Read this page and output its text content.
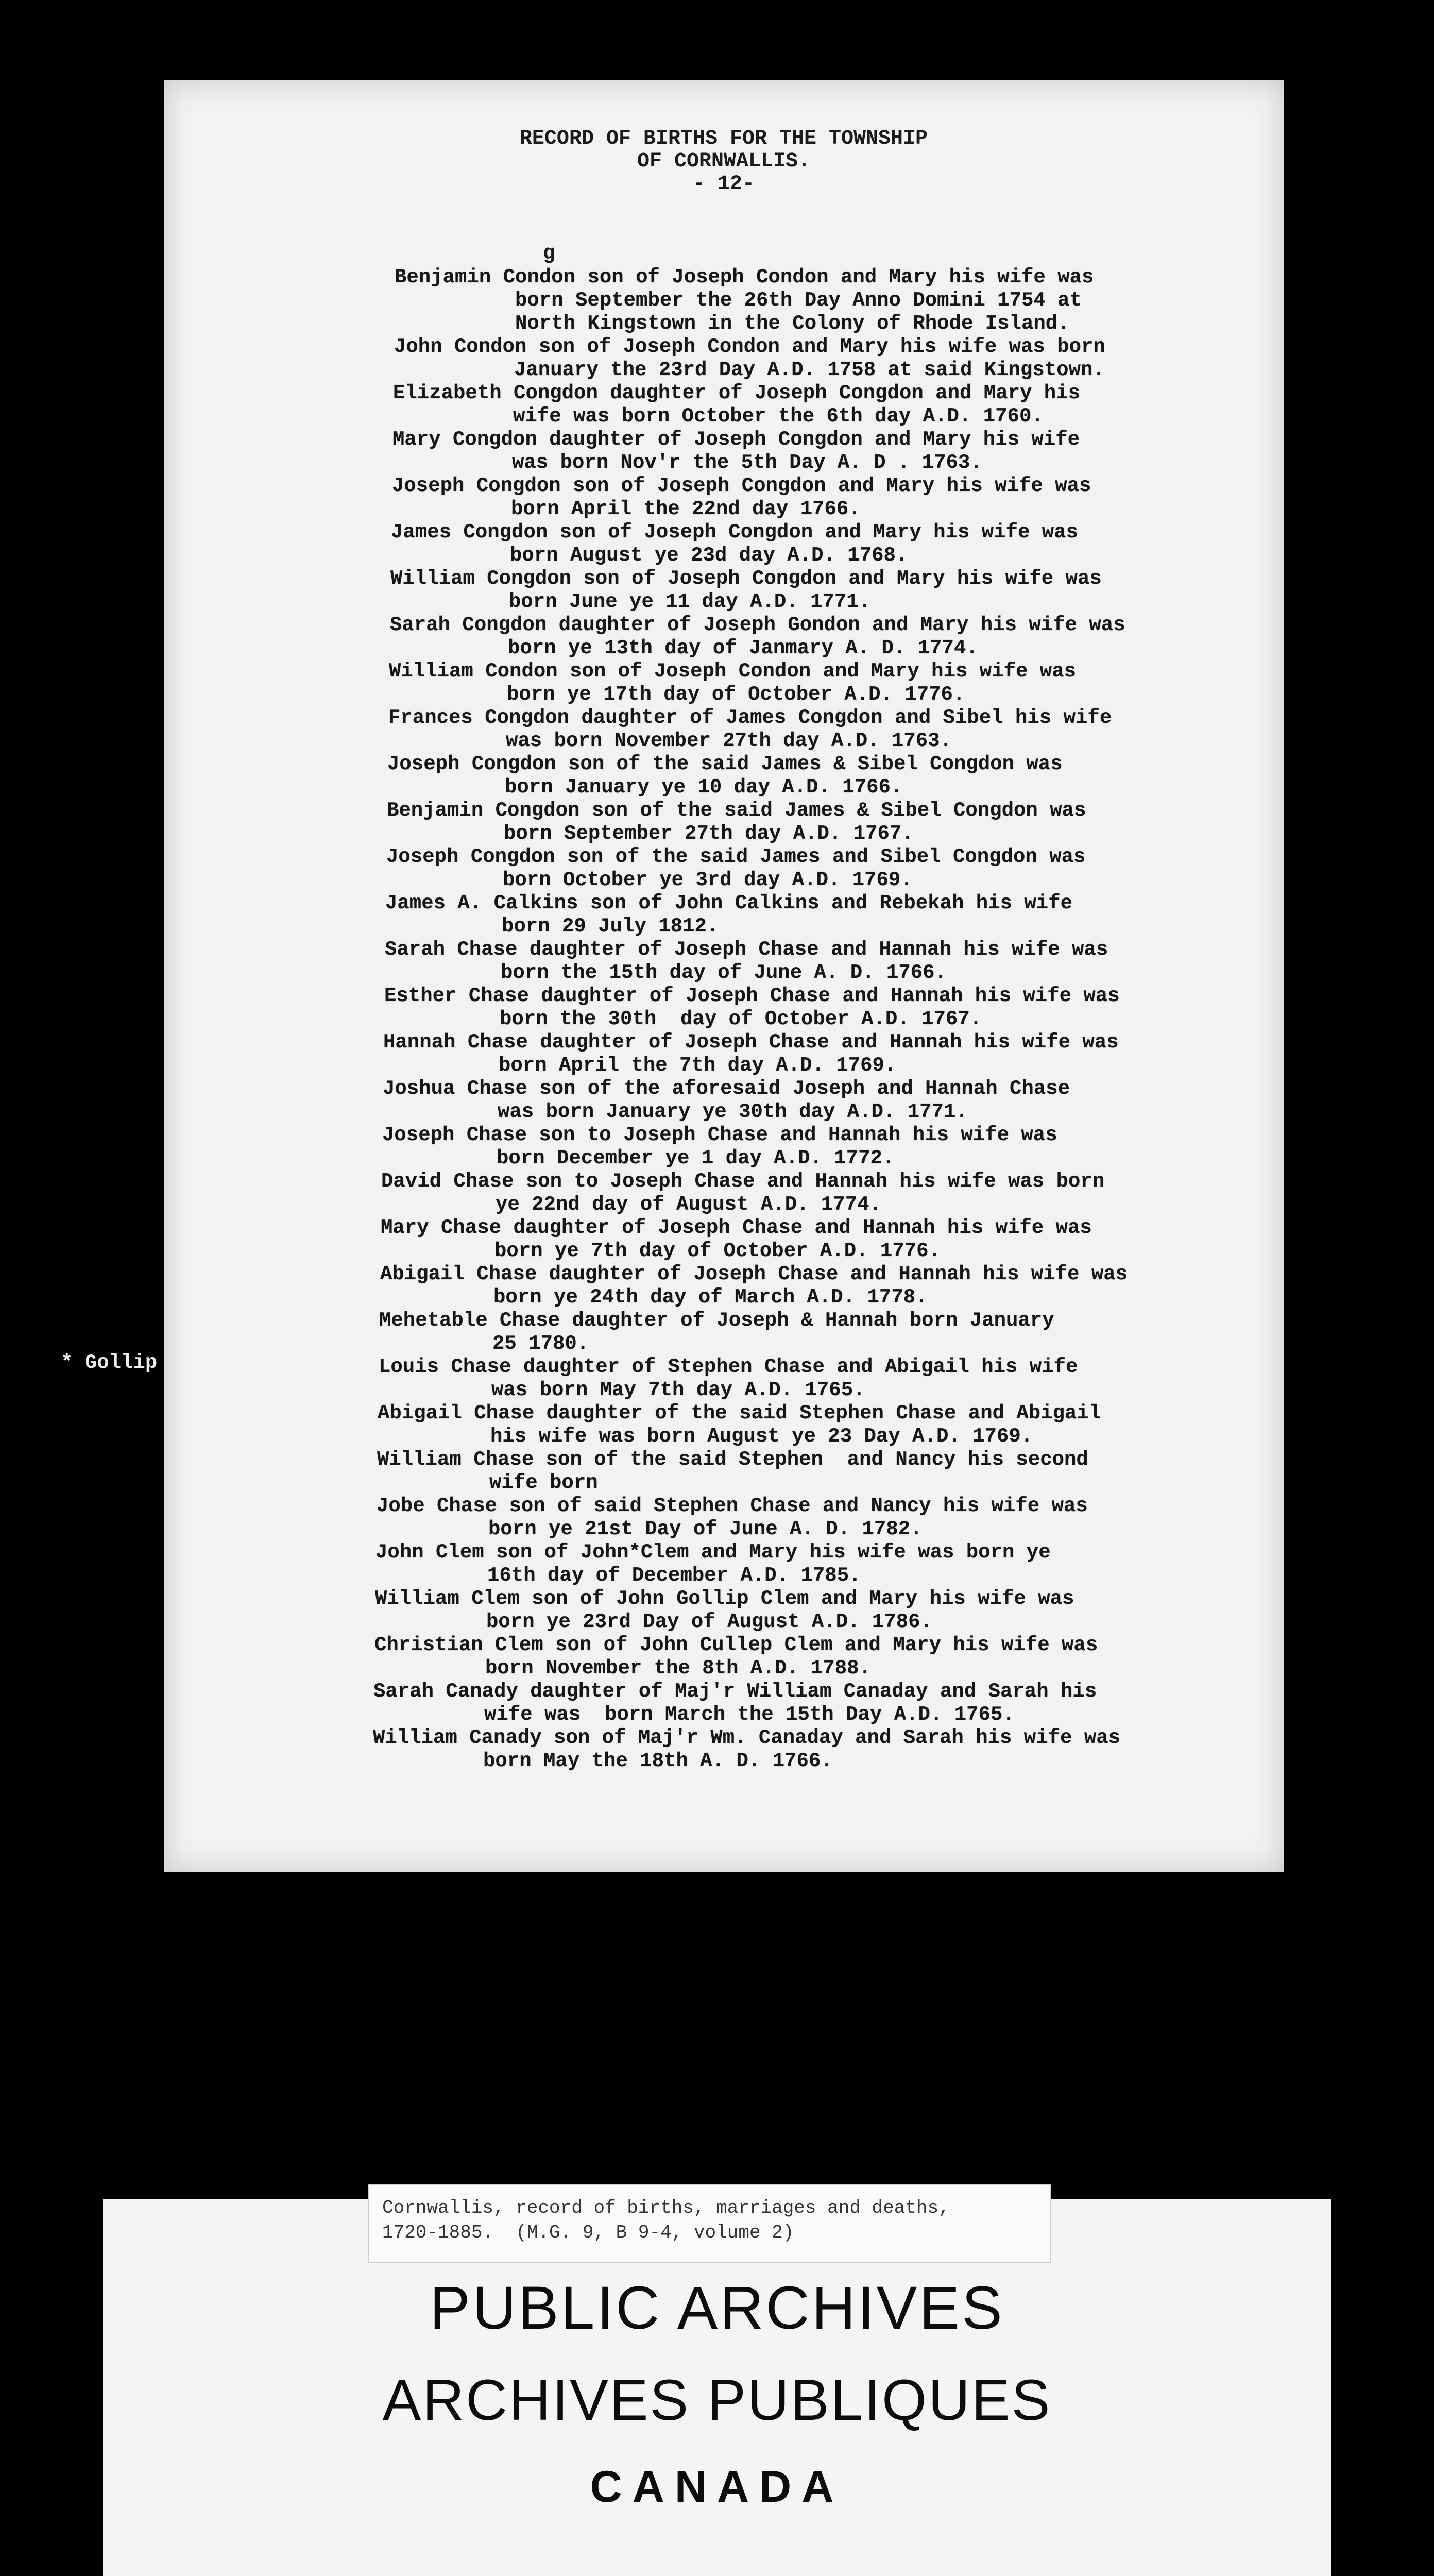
RECORD OF BIRTHS FOR THE TOWNSHIP
OF CORNWALLIS.
- 12-
g
Benjamin Condon son of Joseph Condon and Mary his wife was
born September the 26th Day Anno Domini 1754 at
North Kingstown in the Colony of Rhode Island.
John Condon son of Joseph Condon and Mary his wife was born
January the 23rd Day A.D. 1758 at said Kingstown.
Elizabeth Congdon daughter of Joseph Congdon and Mary his
wife was born October the 6th day A.D. 1760.
Mary Congdon daughter of Joseph Congdon and Mary his wife
was born Nov'r the 5th Day A. D . 1763.
Joseph Congdon son of Joseph Congdon and Mary his wife was
born April the 22nd day 1766.
James Congdon son of Joseph Congdon and Mary his wife was
born August ye 23d day A.D. 1768.
William Congdon son of Joseph Congdon and Mary his wife was
born June ye 11 day A.D. 1771.
Sarah Congdon daughter of Joseph Gondon and Mary his wife was
born ye 13th day of Janmary A. D. 1774.
William Condon son of Joseph Condon and Mary his wife was
born ye 17th day of October A.D. 1776.
Frances Congdon daughter of James Congdon and Sibel his wife
was born November 27th day A.D. 1763.
Joseph Congdon son of the said James & Sibel Congdon was
born January ye 10 day A.D. 1766.
Benjamin Congdon son of the said James & Sibel Congdon was
born September 27th day A.D. 1767.
Joseph Congdon son of the said James and Sibel Congdon was
born October ye 3rd day A.D. 1769.
James A. Calkins son of John Calkins and Rebekah his wife
born 29 July 1812.
Sarah Chase daughter of Joseph Chase and Hannah his wife was
born the 15th day of June A. D. 1766.
Esther Chase daughter of Joseph Chase and Hannah his wife was
born the 30th  day of October A.D. 1767.
Hannah Chase daughter of Joseph Chase and Hannah his wife was
born April the 7th day A.D. 1769.
Joshua Chase son of the aforesaid Joseph and Hannah Chase
was born January ye 30th day A.D. 1771.
Joseph Chase son to Joseph Chase and Hannah his wife was
born December ye 1 day A.D. 1772.
David Chase son to Joseph Chase and Hannah his wife was born
ye 22nd day of August A.D. 1774.
Mary Chase daughter of Joseph Chase and Hannah his wife was
born ye 7th day of October A.D. 1776.
Abigail Chase daughter of Joseph Chase and Hannah his wife was
born ye 24th day of March A.D. 1778.
Mehetable Chase daughter of Joseph & Hannah born January
25 1780.
Louis Chase daughter of Stephen Chase and Abigail his wife
was born May 7th day A.D. 1765.
Abigail Chase daughter of the said Stephen Chase and Abigail
his wife was born August ye 23 Day A.D. 1769.
William Chase son of the said Stephen  and Nancy his second
wife born
Jobe Chase son of said Stephen Chase and Nancy his wife was
born ye 21st Day of June A. D. 1782.
John Clem son of John*Clem and Mary his wife was born ye
16th day of December A.D. 1785.
William Clem son of John Gollip Clem and Mary his wife was
born ye 23rd Day of August A.D. 1786.
Christian Clem son of John Cullep Clem and Mary his wife was
born November the 8th A.D. 1788.
Sarah Canady daughter of Maj'r William Canaday and Sarah his
wife was  born March the 15th Day A.D. 1765.
William Canady son of Maj'r Wm. Canaday and Sarah his wife was
born May the 18th A. D. 1766.
* Gollip
Cornwallis, record of births, marriages and deaths,
1720-1885.  (M.G. 9, B 9-4, volume 2)
PUBLIC ARCHIVES
ARCHIVES PUBLIQUES
CANADA
